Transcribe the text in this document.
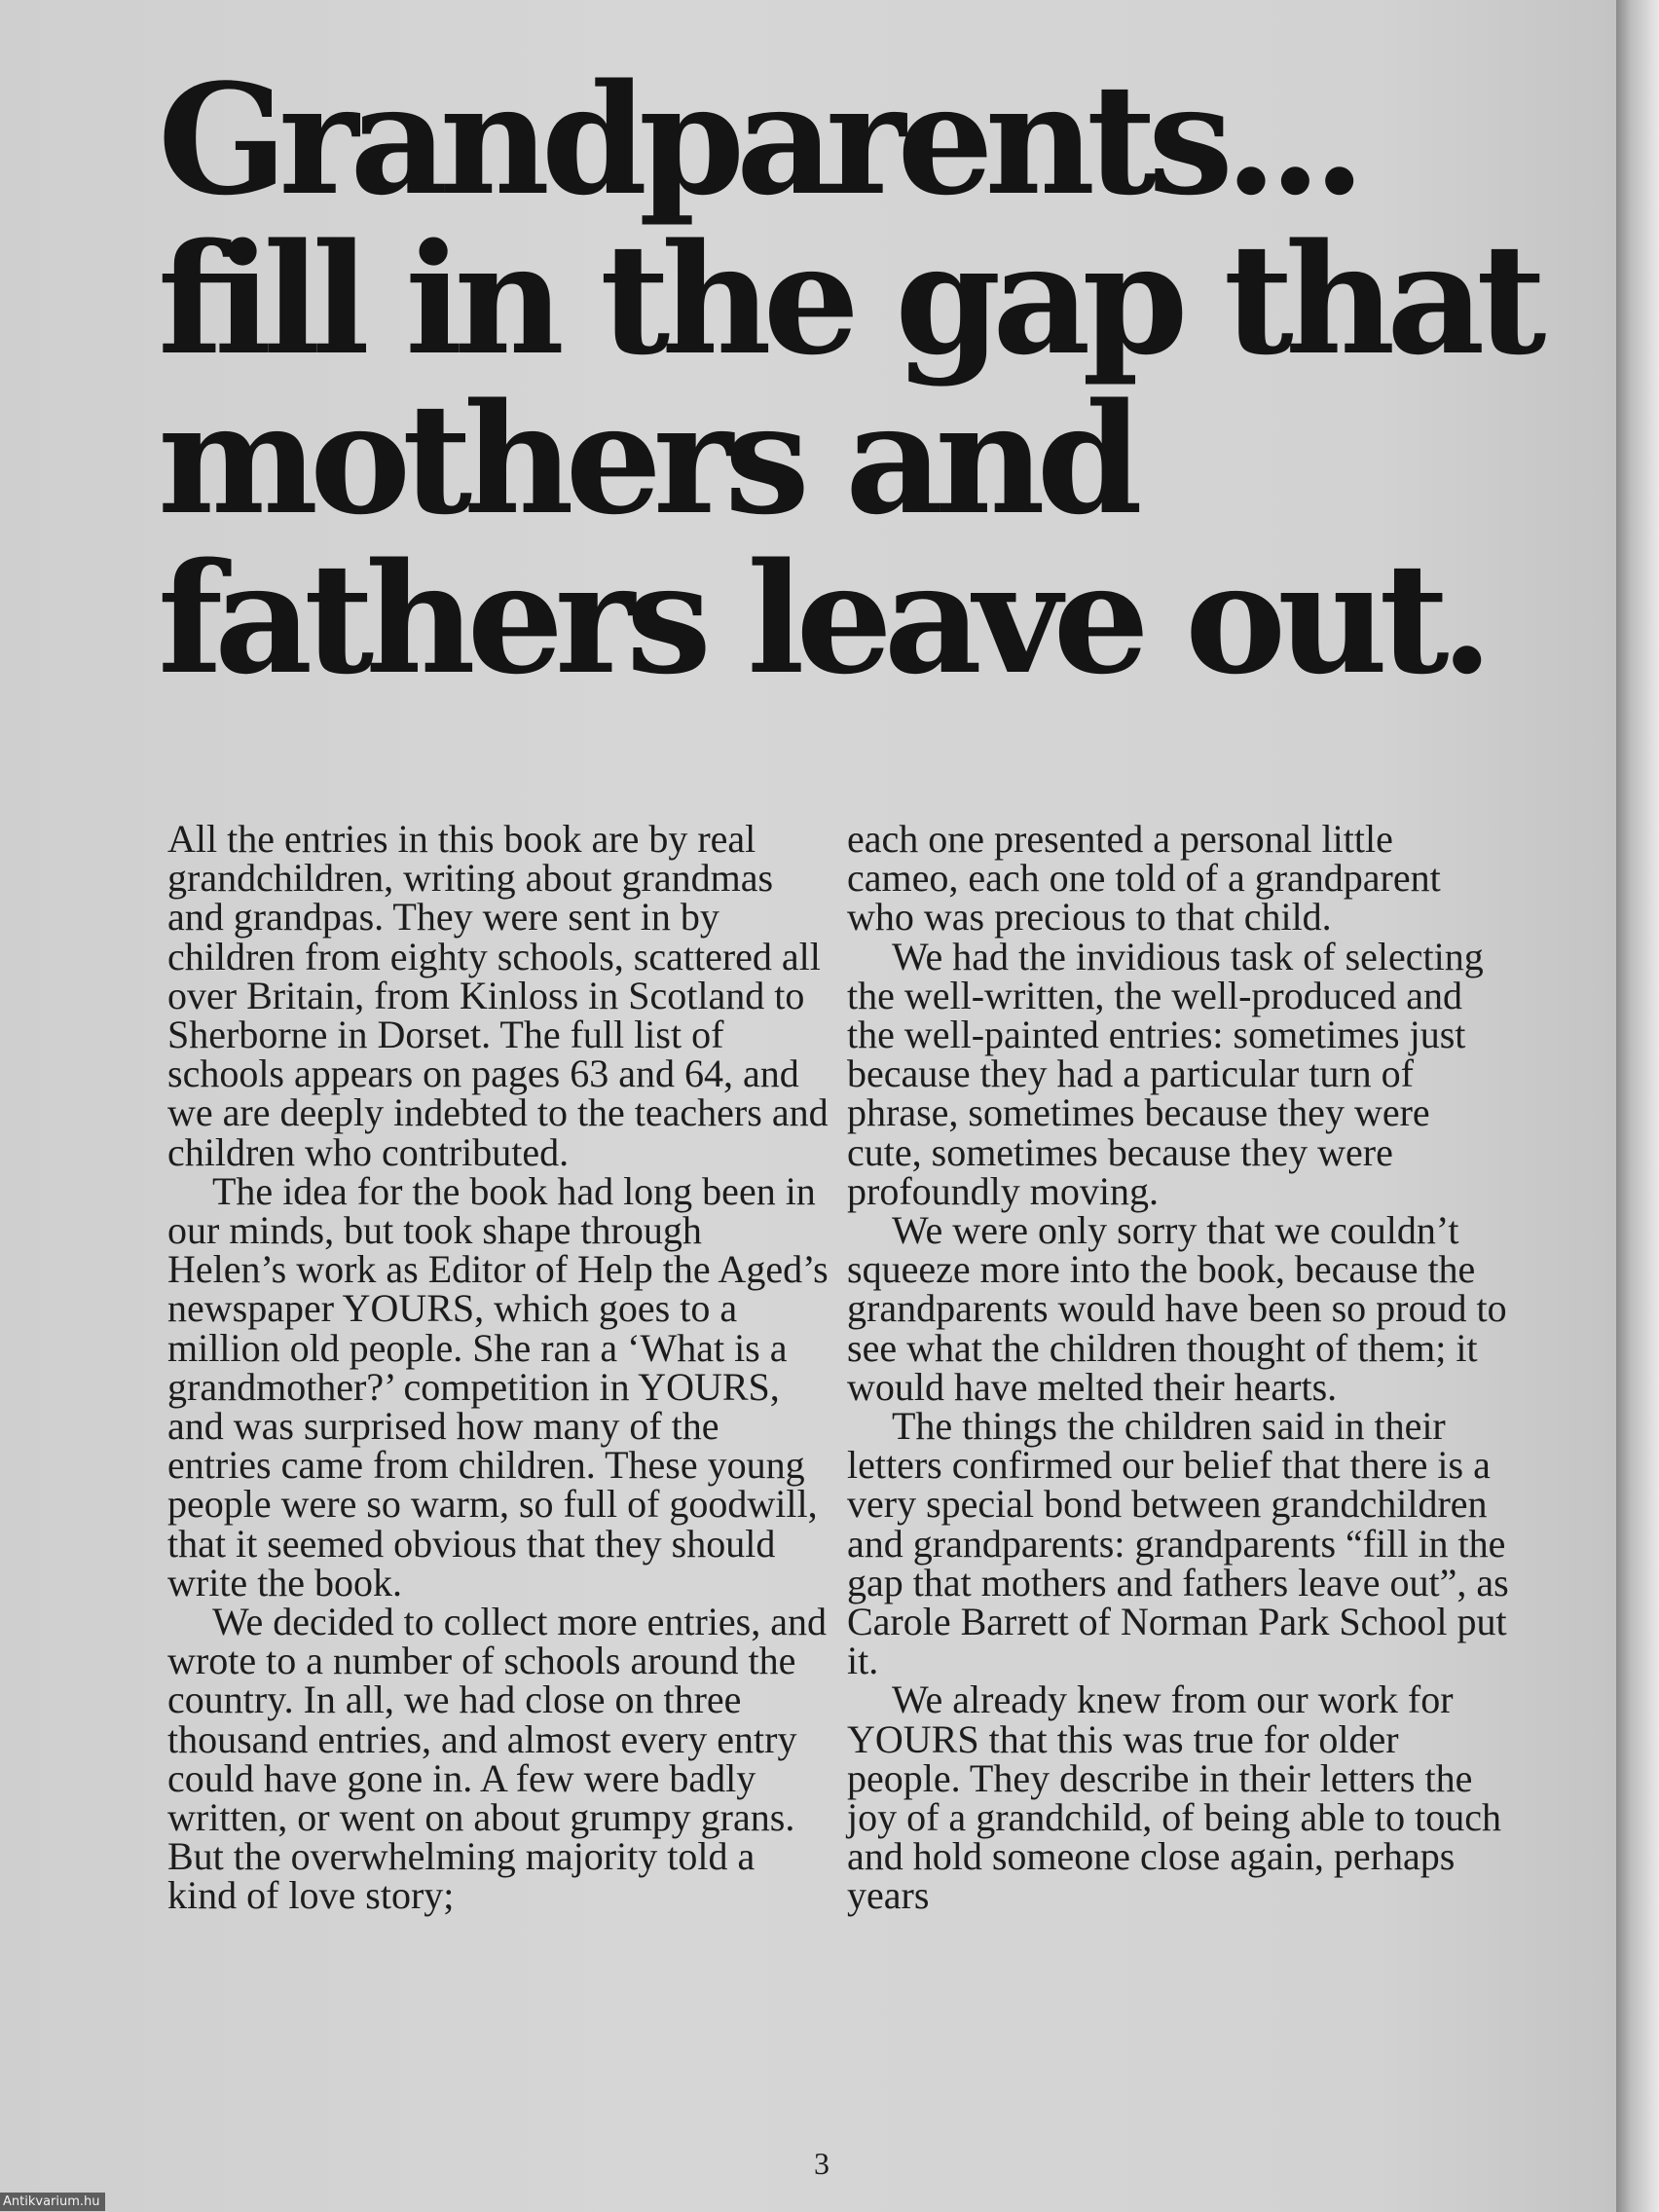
Grandparents...
fill in the gap that
mothers and
fathers leave out.

All the entries in this book are by real grandchildren, writing about grandmas and grandpas. They were sent in by children from eighty schools, scattered all over Britain, from Kinloss in Scotland to Sherborne in Dorset. The full list of schools appears on pages 63 and 64, and we are deeply indebted to the teachers and children who contributed.

The idea for the book had long been in our minds, but took shape through Helen’s work as Editor of Help the Aged’s newspaper YOURS, which goes to a million old people. She ran a ‘What is a grandmother?’ competition in YOURS, and was surprised how many of the entries came from children. These young people were so warm, so full of goodwill, that it seemed obvious that they should write the book.

We decided to collect more entries, and wrote to a number of schools around the country. In all, we had close on three thousand entries, and almost every entry could have gone in. A few were badly written, or went on about grumpy grans. But the overwhelming majority told a kind of love story;

each one presented a personal little cameo, each one told of a grandparent who was precious to that child.

We had the invidious task of selecting the well-written, the well-produced and the well-painted entries: sometimes just because they had a particular turn of phrase, sometimes because they were cute, sometimes because they were profoundly moving.

We were only sorry that we couldn’t squeeze more into the book, because the grandparents would have been so proud to see what the children thought of them; it would have melted their hearts.

The things the children said in their letters confirmed our belief that there is a very special bond between grandchildren and grandparents: grandparents “fill in the gap that mothers and fathers leave out”, as Carole Barrett of Norman Park School put it.

We already knew from our work for YOURS that this was true for older people. They describe in their letters the joy of a grandchild, of being able to touch and hold someone close again, perhaps years

3
Antikvarium.hu
